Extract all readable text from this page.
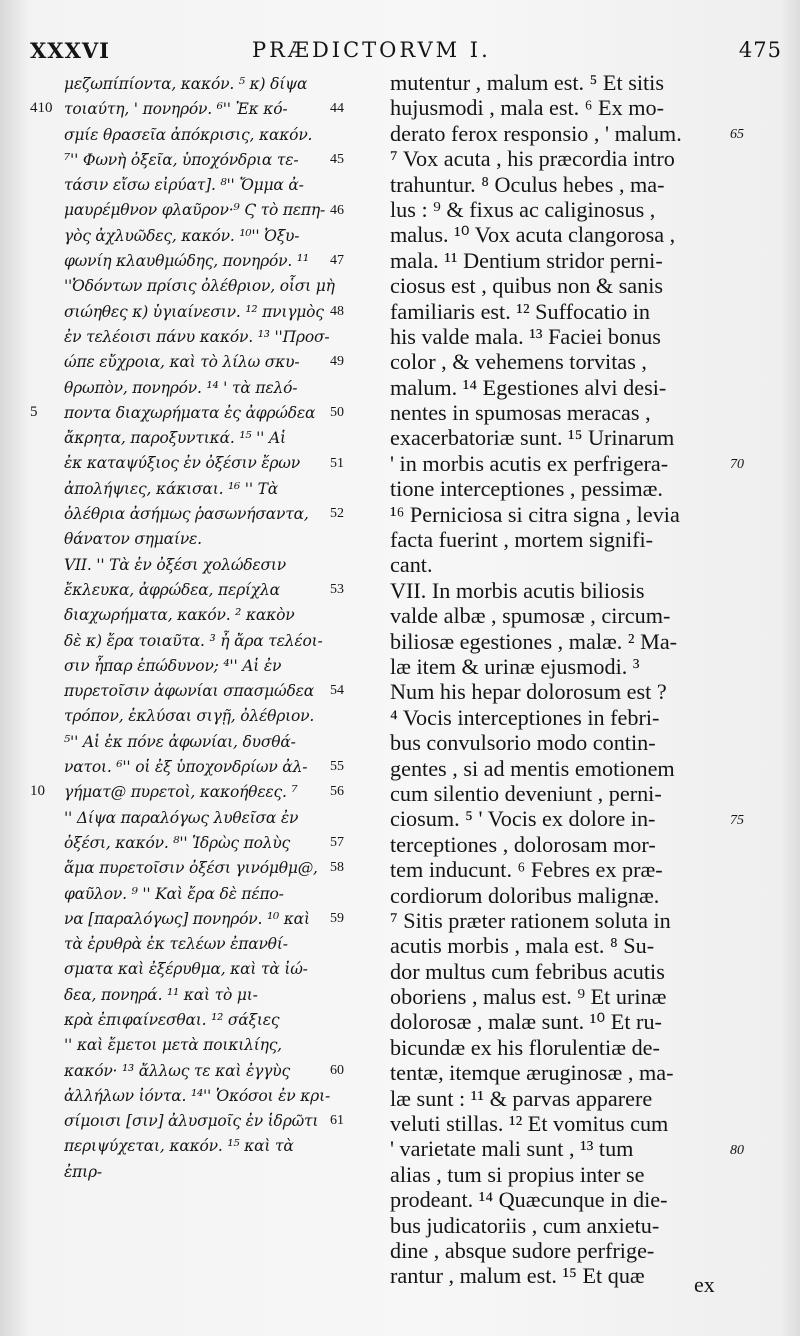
XXXVI	PRÆDICTORVM I.	475
μεζωπίπίοντα, κακόν. ⁵ κ) δίψα
τοιαύτη, ' πονηρόν. ⁶'' Ἐκ κό-
σμίε θρασεῖα ἀπόκρισις, κακόν.
⁷'' Φωνὴ ὀξεῖα, ὑποχόνδρια τε-
τάσιν εἴσω εἰρύατ]. ⁸'' Ὄμμα ἀ-
μαυρέμθνον φλαῦρον·⁹ Ϛ τὸ πεπη-
γὸς ἀχλυῶδες, κακόν. ¹⁰'' Ὀξυ-
φωνίη κλαυθμώδης, πονηρόν. ¹¹
''Ὀδόντων πρίσις ὀλέθριον, οἷσι μὴ
σιώηθες κ) ὑγιαίνεσιν. ¹² πνιγμὸς
ἐν τελέοισι πάνυ κακόν. ¹³ ''Προσ-
ώπε εὔχροια, καὶ τὸ λίλω σκυ-
θρωπὸν, πονηρόν. ¹⁴ ' τὰ πελό-
ποντα διαχωρήματα ἐς ἀφρώδεα
ἄκρητα, παροξυντικά. ¹⁵ '' Αἱ
ἐκ καταψύξιος ἐν ὀξέσιν ἔρων
ἀπολήψιες, κάκισαι. ¹⁶ '' Τὰ
ὀλέθρια ἀσήμως ῥασωνήσαντα,
θάνατον σημαίνε.
VII. '' Τὰ ἐν ὀξέσι χολώδεσιν
ἔκλευκα, ἀφρώδεα, περίχλα
διαχωρήματα, κακόν. ² κακὸν
δὲ κ) ἔρα τοιαῦτα. ³ ἦ ἄρα τελέοι-
σιν ἧπαρ ἐπώδυνον; ⁴'' Αἱ ἐν
πυρετοῖσιν ἀφωνίαι σπασμώδεα
τρόπον, ἐκλύσαι σιγῇ, ὀλέθριον.
⁵'' Αἱ ἐκ πόνε ἀφωνίαι, δυσθά-
νατοι. ⁶'' οἱ ἐξ ὑποχονδρίων ἀλ-
γήματ@ πυρετοὶ, κακοήθεες. ⁷
'' Δίψα παραλόγως λυθεῖσα ἐν
ὀξέσι, κακόν. ⁸'' Ἱδρὼς πολὺς
ἅμα πυρετοῖσιν ὀξέσι γινόμθμ@,
φαῦλον. ⁹ '' Καὶ ἔρα δὲ πέπο-
να [παραλόγως] πονηρόν. ¹⁰ καὶ
τὰ ἐρυθρὰ ἐκ τελέων ἐπανθί-
σματα καὶ ἐξέρυθμα, καὶ τὰ ἰώ-
δεα, πονηρά. ¹¹ καὶ τὸ μι-
κρὰ ἐπιφαίνεσθαι. ¹² σάξιες
'' καὶ ἔμετοι μετὰ ποικιλίης,
κακόν· ¹³ ἄλλως τε καὶ ἐγγὺς
ἀλλήλων ἰόντα. ¹⁴'' Ὁκόσοι ἐν κρι-
σίμοισι [σιν] ἀλυσμοῖς ἐν ἱδρῶτι
περιψύχεται, κακόν. ¹⁵ καὶ τὰ
ἐπιρ-
44
45
46
47
48
49
50
51
52
53
54
55
56
57
58
59
60
61
410
5
10
mutentur , malum est. ⁵ Et sitis
hujusmodi , mala est. ⁶ Ex mo-
derato ferox responsio , ' malum.
⁷ Vox acuta , his præcordia intro
trahuntur. ⁸ Oculus hebes , ma-
lus : ⁹ & fixus ac caliginosus ,
malus. ¹⁰ Vox acuta clangorosa ,
mala. ¹¹ Dentium stridor perni-
ciosus est , quibus non & sanis
familiaris est. ¹² Suffocatio in
his valde mala. ¹³ Faciei bonus
color , & vehemens torvitas ,
malum. ¹⁴ Egestiones alvi desi-
nentes in spumosas meracas ,
exacerbatoriæ sunt. ¹⁵ Urinarum
' in morbis acutis ex perfrigera-
tione interceptiones , pessimæ.
¹⁶ Perniciosa si citra signa , levia
facta fuerint , mortem signifi-
cant.
VII. In morbis acutis biliosis
valde albæ , spumosæ , circum-
biliosæ egestiones , malæ. ² Ma-
læ item & urinæ ejusmodi. ³
Num his hepar dolorosum est ?
⁴ Vocis interceptiones in febri-
bus convulsorio modo contin-
gentes , si ad mentis emotionem
cum silentio deveniunt , perni-
ciosum. ⁵ ' Vocis ex dolore in-
terceptiones , dolorosam mor-
tem inducunt. ⁶ Febres ex præ-
cordiorum doloribus malignæ.
⁷ Sitis præter rationem soluta in
acutis morbis , mala est. ⁸ Su-
dor multus cum febribus acutis
oboriens , malus est. ⁹ Et urinæ
dolorosæ , malæ sunt. ¹⁰ Et ru-
bicundæ ex his florulentiæ de-
tentæ, itemque æruginosæ , ma-
læ sunt : ¹¹ & parvas apparere
veluti stillas. ¹² Et vomitus cum
' varietate mali sunt , ¹³ tum
alias , tum si propius inter se
prodeant. ¹⁴ Quæcunque in die-
bus judicatoriis , cum anxietu-
dine , absque sudore perfrige-
rantur , malum est. ¹⁵ Et quæ
65
70
75
80
ex
